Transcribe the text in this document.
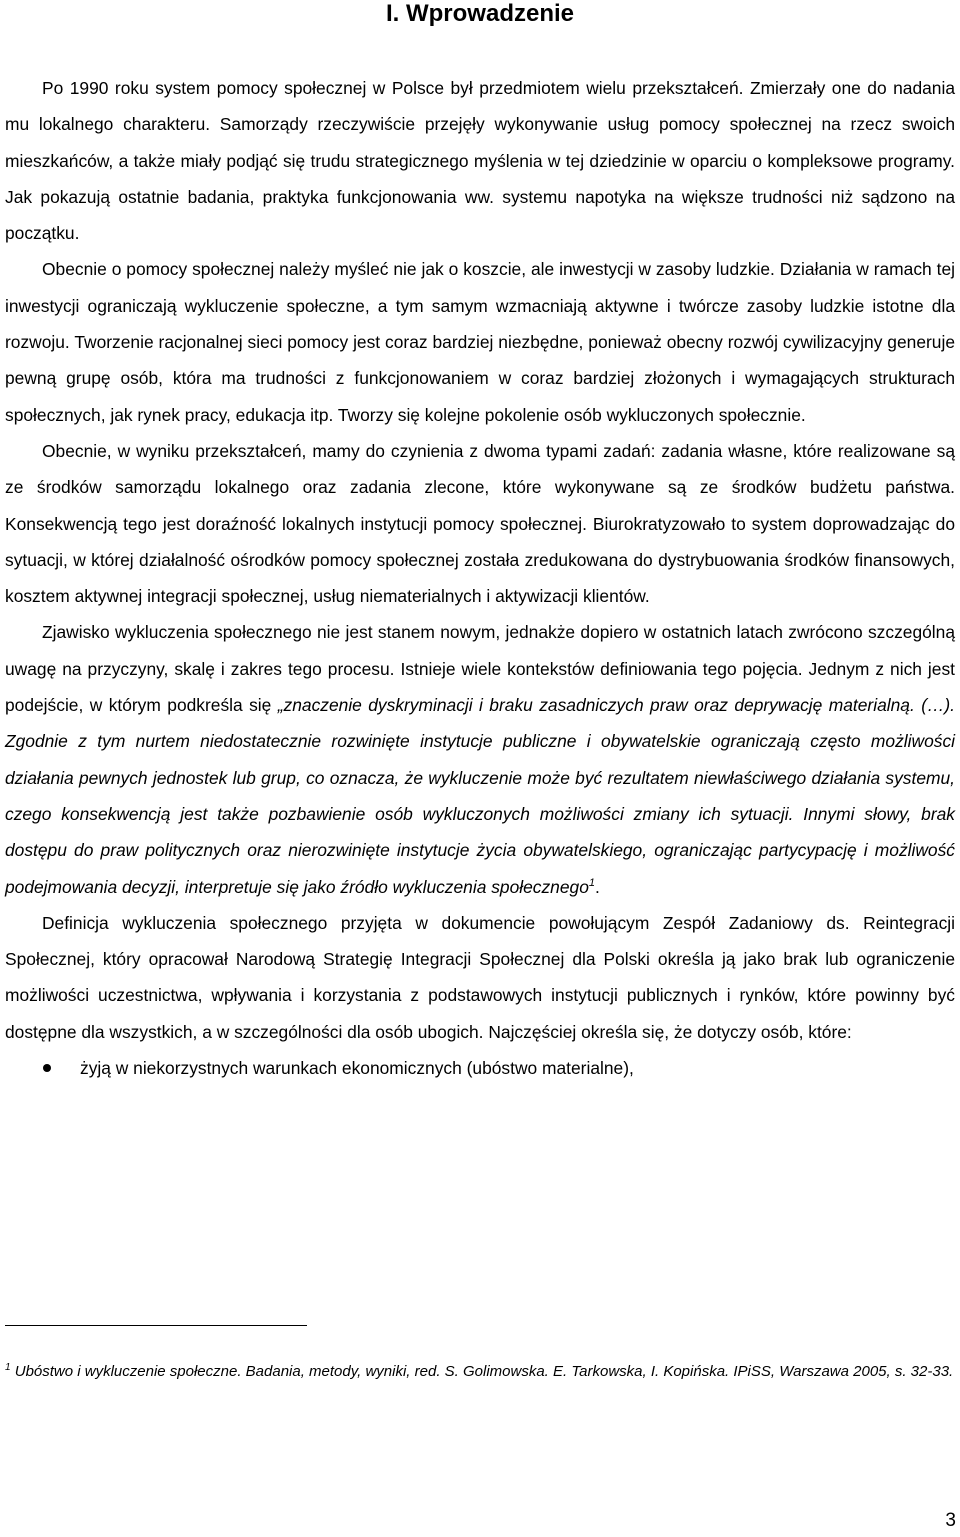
I. Wprowadzenie

Po 1990 roku system pomocy społecznej w Polsce był przedmiotem wielu przekształceń. Zmierzały one do nadania mu lokalnego charakteru. Samorządy rzeczywiście przejęły wykonywanie usług pomocy społecznej na rzecz swoich mieszkańców, a także miały podjąć się trudu strategicznego myślenia w tej dziedzinie w oparciu o kompleksowe programy. Jak pokazują ostatnie badania, praktyka funkcjonowania ww. systemu napotyka na większe trudności niż sądzono na początku.

Obecnie o pomocy społecznej należy myśleć nie jak o koszcie, ale inwestycji w zasoby ludzkie. Działania w ramach tej inwestycji ograniczają wykluczenie społeczne, a tym samym wzmacniają aktywne i twórcze zasoby ludzkie istotne dla rozwoju. Tworzenie racjonalnej sieci pomocy jest coraz bardziej niezbędne, ponieważ obecny rozwój cywilizacyjny generuje pewną grupę osób, która ma trudności z funkcjonowaniem w coraz bardziej złożonych i wymagających strukturach społecznych, jak rynek pracy, edukacja itp. Tworzy się kolejne pokolenie osób wykluczonych społecznie.

Obecnie, w wyniku przekształceń, mamy do czynienia z dwoma typami zadań: zadania własne, które realizowane są ze środków samorządu lokalnego oraz zadania zlecone, które wykonywane są ze środków budżetu państwa. Konsekwencją tego jest doraźność lokalnych instytucji pomocy społecznej. Biurokratyzowało to system doprowadzając do sytuacji, w której działalność ośrodków pomocy społecznej została zredukowana do dystrybuowania środków finansowych, kosztem aktywnej integracji społecznej, usług niematerialnych i aktywizacji klientów.

Zjawisko wykluczenia społecznego nie jest stanem nowym, jednakże dopiero w ostatnich latach zwrócono szczególną uwagę na przyczyny, skalę i zakres tego procesu. Istnieje wiele kontekstów definiowania tego pojęcia. Jednym z nich jest podejście, w którym podkreśla się „znaczenie dyskryminacji i braku zasadniczych praw oraz deprywację materialną. (…). Zgodnie z tym nurtem niedostatecznie rozwinięte instytucje publiczne i obywatelskie ograniczają często możliwości działania pewnych jednostek lub grup, co oznacza, że wykluczenie może być rezultatem niewłaściwego działania systemu, czego konsekwencją jest także pozbawienie osób wykluczonych możliwości zmiany ich sytuacji. Innymi słowy, brak dostępu do praw politycznych oraz nierozwinięte instytucje życia obywatelskiego, ograniczając partycypację i możliwość podejmowania decyzji, interpretuje się jako źródło wykluczenia społecznego$^1$.

Definicja wykluczenia społecznego przyjęta w dokumencie powołującym Zespół Zadaniowy ds. Reintegracji Społecznej, który opracował Narodową Strategię Integracji Społecznej dla Polski określa ją jako brak lub ograniczenie możliwości uczestnictwa, wpływania i korzystania z podstawowych instytucji publicznych i rynków, które powinny być dostępne dla wszystkich, a w szczególności dla osób ubogich. Najczęściej określa się, że dotyczy osób, które:

żyją w niekorzystnych warunkach ekonomicznych (ubóstwo materialne),

$^1$ Ubóstwo i wykluczenie społeczne. Badania, metody, wyniki, red. S. Golimowska. E. Tarkowska, I. Kopińska. IPiSS, Warszawa 2005, s. 32-33.

3
